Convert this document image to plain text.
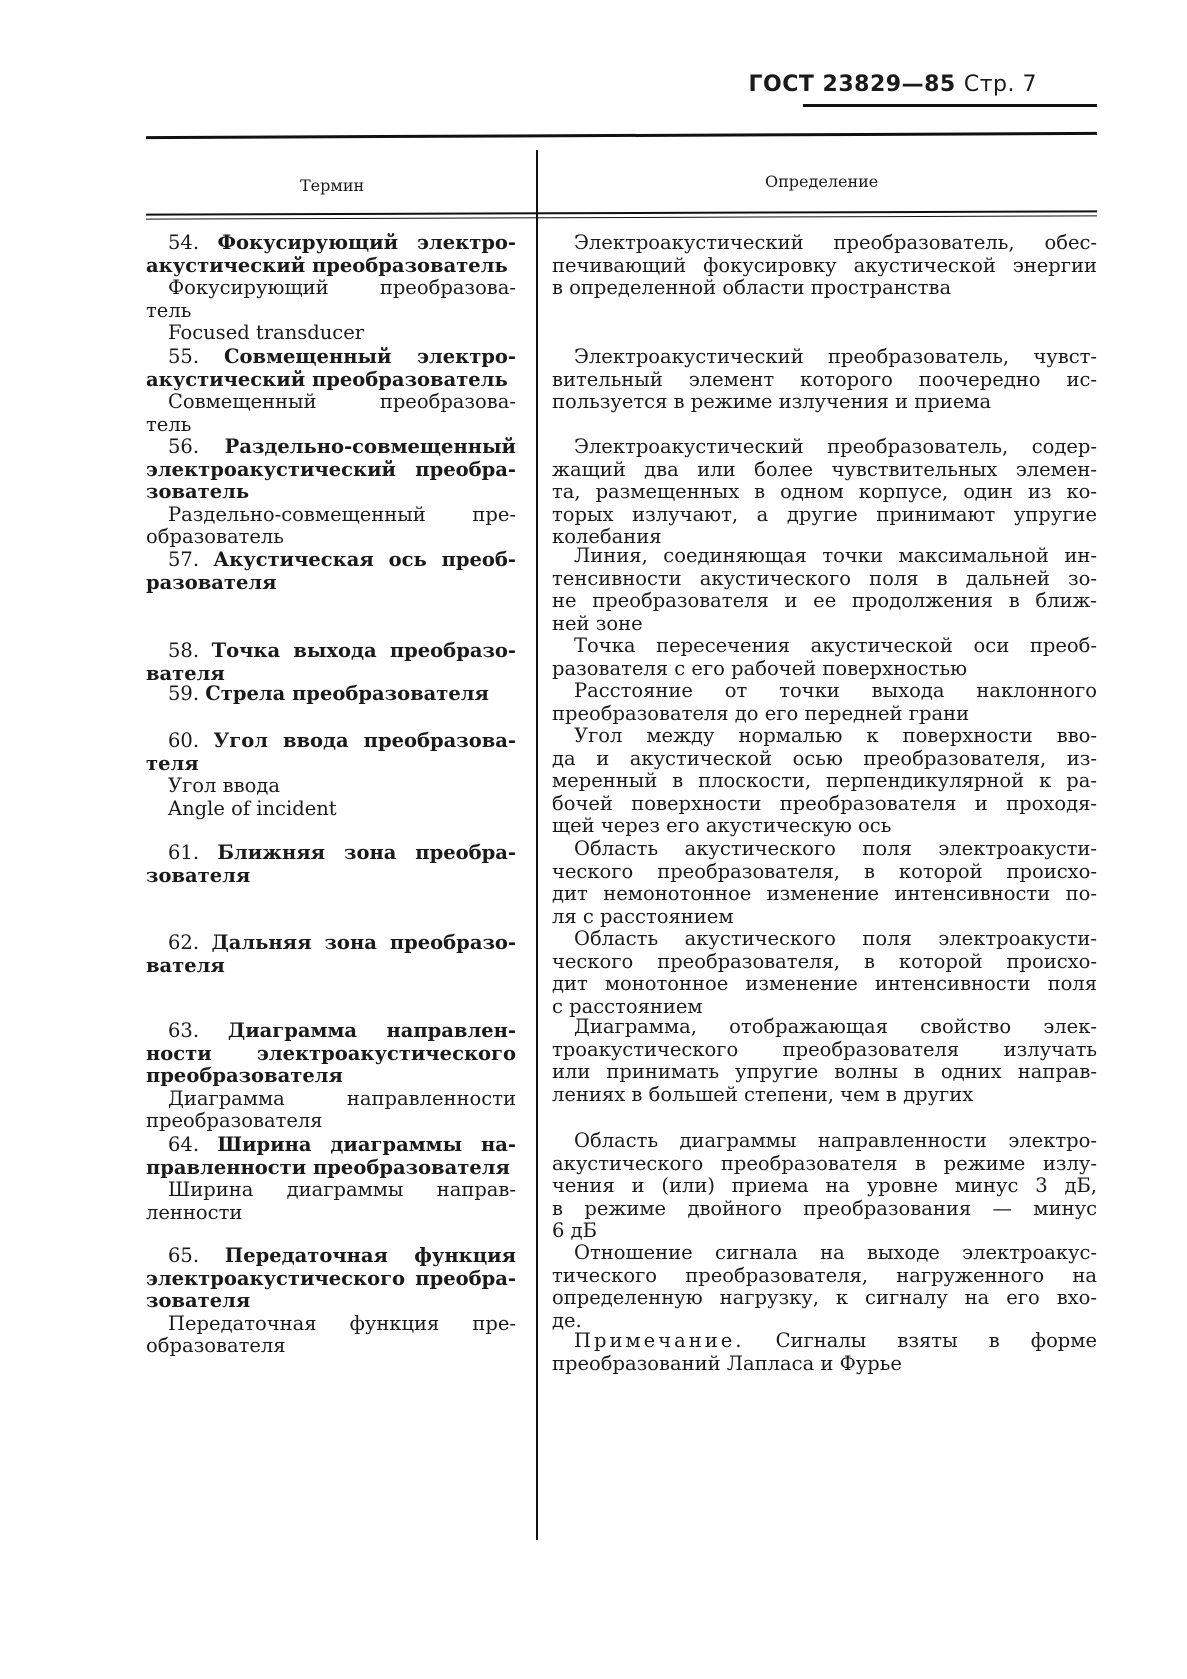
ГОСТ 23829—85 Стр. 7
Термин	Определение
54. Фокусирующий электро-
акустический преобразователь
Фокусирующий преобразова-
тель
Focused transducer
Электроакустический преобразователь, обес-
печивающий фокусировку акустической энергии
в определенной области пространства
55. Совмещенный электро-
акустический преобразователь
Совмещенный преобразова-
тель
Электроакустический преобразователь, чувст-
вительный элемент которого поочередно ис-
пользуется в режиме излучения и приема
56. Раздельно-совмещенный
электроакустический преобра-
зователь
Раздельно-совмещенный пре-
образователь
Электроакустический преобразователь, содер-
жащий два или более чувствительных элемен-
та, размещенных в одном корпусе, один из ко-
торых излучают, а другие принимают упругие
колебания
57. Акустическая ось преоб-
разователя
Линия, соединяющая точки максимальной ин-
тенсивности акустического поля в дальней зо-
не преобразователя и ее продолжения в ближ-
ней зоне
58. Точка выхода преобразо-
вателя
Точка пересечения акустической оси преоб-
разователя с его рабочей поверхностью
59. Стрела преобразователя	Расстояние от точки выхода наклонного
преобразователя до его передней грани
60. Угол ввода преобразова-
теля
Угол ввода
Angle of incident
Угол между нормалью к поверхности вво-
да и акустической осью преобразователя, из-
меренный в плоскости, перпендикулярной к ра-
бочей поверхности преобразователя и проходя-
щей через его акустическую ось
61. Ближняя зона преобра-
зователя
Область акустического поля электроакусти-
ческого преобразователя, в которой происхо-
дит немонотонное изменение интенсивности по-
ля с расстоянием
62. Дальняя зона преобразо-
вателя
Область акустического поля электроакусти-
ческого преобразователя, в которой происхо-
дит монотонное изменение интенсивности поля
с расстоянием
63. Диаграмма направлен-
ности электроакустического
преобразователя
Диаграмма направленности
преобразователя
Диаграмма, отображающая свойство элек-
троакустического преобразователя излучать
или принимать упругие волны в одних направ-
лениях в большей степени, чем в других
64. Ширина диаграммы на-
правленности преобразователя
Ширина диаграммы направ-
ленности
Область диаграммы направленности электро-
акустического преобразователя в режиме излу-
чения и (или) приема на уровне минус 3 дБ,
в режиме двойного преобразования — минус
6 дБ
65. Передаточная функция
электроакустического преобра-
зователя
Передаточная функция пре-
образователя
Отношение сигнала на выходе электроакус-
тического преобразователя, нагруженного на
определенную нагрузку, к сигналу на его вхо-
де.
Примечание. Сигналы взяты в форме
преобразований Лапласа и Фурье
